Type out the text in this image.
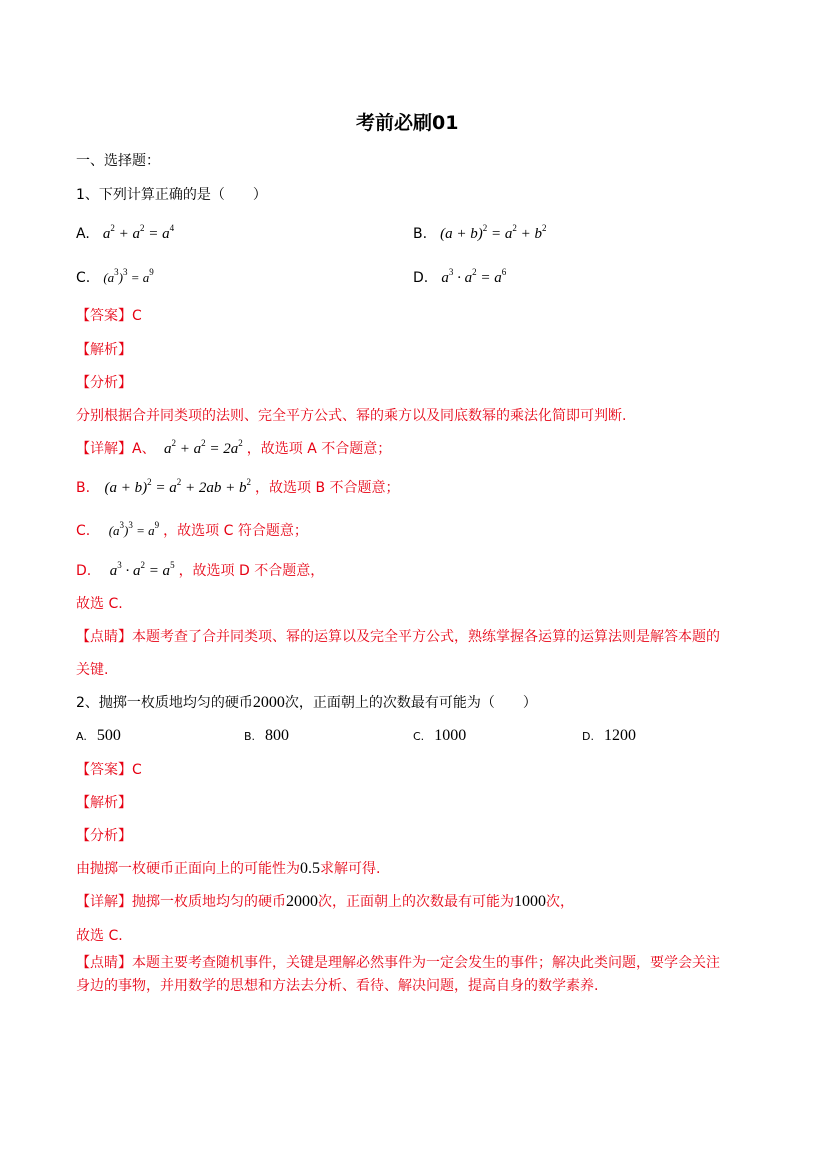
考前必刷01
一、选择题：
1、下列计算正确的是（　　）
A. $a^2 + a^2 = a^4$	B. $(a + b)^2 = a^2 + b^2$
C. $(a^3)^3 = a^9$	D. $a^3 \cdot a^2 = a^6$
【答案】C
【解析】
【分析】
分别根据合并同类项的法则、完全平方公式、幂的乘方以及同底数幂的乘法化简即可判断.
【详解】A、 $a^2 + a^2 = 2a^2$ ，故选项 A 不合题意；
B. $(a + b)^2 = a^2 + 2ab + b^2$ ，故选项 B 不合题意；
C. $(a^3)^3 = a^9$ ，故选项 C 符合题意；
D. $a^3 \cdot a^2 = a^5$ ，故选项 D 不合题意，
故选 C.
【点睛】本题考查了合并同类项、幂的运算以及完全平方公式，熟练掌握各运算的运算法则是解答本题的
关键.
2、抛掷一枚质地均匀的硬币2000次，正面朝上的次数最有可能为（　　）
A. 500	B. 800	C. 1000	D. 1200
【答案】C
【解析】
【分析】
由抛掷一枚硬币正面向上的可能性为0.5求解可得.
【详解】抛掷一枚质地均匀的硬币2000次，正面朝上的次数最有可能为1000次，
故选 C.
【点睛】本题主要考查随机事件，关键是理解必然事件为一定会发生的事件；解决此类问题，要学会关注
身边的事物，并用数学的思想和方法去分析、看待、解决问题，提高自身的数学素养.
